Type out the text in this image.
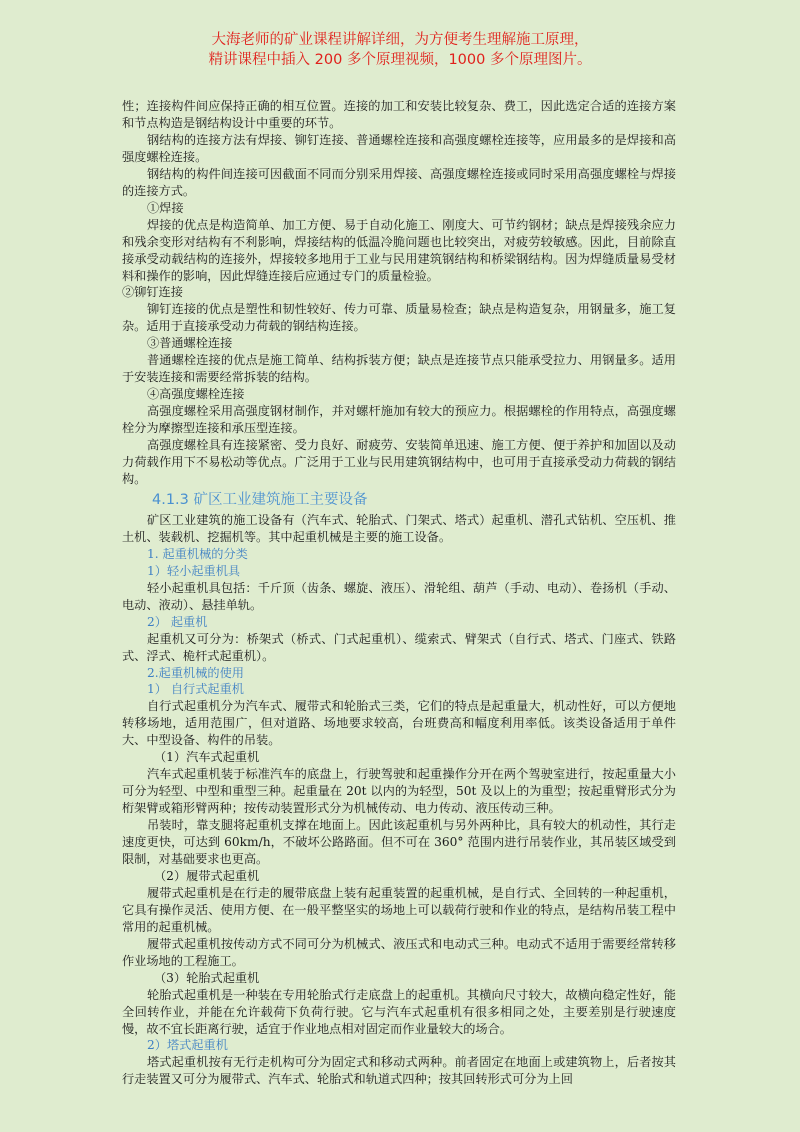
大海老师的矿业课程讲解详细，为方便考生理解施工原理，
精讲课程中插入 200 多个原理视频，1000 多个原理图片。

性；连接构件间应保持正确的相互位置。连接的加工和安装比较复杂、费工，因此选定合适的连接方案和节点构造是钢结构设计中重要的环节。

钢结构的连接方法有焊接、铆钉连接、普通螺栓连接和高强度螺栓连接等，应用最多的是焊接和高强度螺栓连接。

钢结构的构件间连接可因截面不同而分别采用焊接、高强度螺栓连接或同时采用高强度螺栓与焊接的连接方式。

①焊接

焊接的优点是构造简单、加工方便、易于自动化施工、刚度大、可节约钢材；缺点是焊接残余应力和残余变形对结构有不利影响，焊接结构的低温冷脆问题也比较突出，对疲劳较敏感。因此，目前除直接承受动载结构的连接外，焊接较多地用于工业与民用建筑钢结构和桥梁钢结构。因为焊缝质量易受材料和操作的影响，因此焊缝连接后应通过专门的质量检验。

②铆钉连接

铆钉连接的优点是塑性和韧性较好、传力可靠、质量易检查；缺点是构造复杂，用钢量多，施工复杂。适用于直接承受动力荷载的钢结构连接。

③普通螺栓连接

普通螺栓连接的优点是施工简单、结构拆装方便；缺点是连接节点只能承受拉力、用钢量多。适用于安装连接和需要经常拆装的结构。

④高强度螺栓连接

高强度螺栓采用高强度钢材制作，并对螺杆施加有较大的预应力。根据螺栓的作用特点，高强度螺栓分为摩擦型连接和承压型连接。

高强度螺栓具有连接紧密、受力良好、耐疲劳、安装简单迅速、施工方便、便于养护和加固以及动力荷载作用下不易松动等优点。广泛用于工业与民用建筑钢结构中，也可用于直接承受动力荷载的钢结构。

4.1.3 矿区工业建筑施工主要设备

矿区工业建筑的施工设备有（汽车式、轮胎式、门架式、塔式）起重机、潜孔式钻机、空压机、推土机、装载机、挖掘机等。其中起重机械是主要的施工设备。

1. 起重机械的分类

1）轻小起重机具

轻小起重机具包括：千斤顶（齿条、螺旋、液压）、滑轮组、葫芦（手动、电动）、卷扬机（手动、电动、液动）、悬挂单轨。

2） 起重机

起重机又可分为：桥架式（桥式、门式起重机）、缆索式、臂架式（自行式、塔式、门座式、铁路式、浮式、桅杆式起重机）。

2.起重机械的使用

1） 自行式起重机

自行式起重机分为汽车式、履带式和轮胎式三类，它们的特点是起重量大，机动性好，可以方便地转移场地，适用范围广，但对道路、场地要求较高，台班费高和幅度利用率低。该类设备适用于单件大、中型设备、构件的吊装。

（1）汽车式起重机

汽车式起重机装于标准汽车的底盘上，行驶驾驶和起重操作分开在两个驾驶室进行，按起重量大小可分为轻型、中型和重型三种。起重量在 20t 以内的为轻型，50t 及以上的为重型；按起重臂形式分为桁架臂或箱形臂两种；按传动装置形式分为机械传动、电力传动、液压传动三种。

吊装时，靠支腿将起重机支撑在地面上。因此该起重机与另外两种比，具有较大的机动性，其行走速度更快，可达到 60km/h，不破坏公路路面。但不可在 360° 范围内进行吊装作业，其吊装区域受到限制，对基础要求也更高。

（2）履带式起重机

履带式起重机是在行走的履带底盘上装有起重装置的起重机械，是自行式、全回转的一种起重机，它具有操作灵活、使用方便、在一般平整坚实的场地上可以载荷行驶和作业的特点，是结构吊装工程中常用的起重机械。

履带式起重机按传动方式不同可分为机械式、液压式和电动式三种。电动式不适用于需要经常转移作业场地的工程施工。

（3）轮胎式起重机

轮胎式起重机是一种装在专用轮胎式行走底盘上的起重机。其横向尺寸较大，故横向稳定性好，能全回转作业，并能在允许载荷下负荷行驶。它与汽车式起重机有很多相同之处，主要差别是行驶速度慢，故不宜长距离行驶，适宜于作业地点相对固定而作业量较大的场合。

2）塔式起重机

塔式起重机按有无行走机构可分为固定式和移动式两种。前者固定在地面上或建筑物上，后者按其行走装置又可分为履带式、汽车式、轮胎式和轨道式四种；按其回转形式可分为上回
